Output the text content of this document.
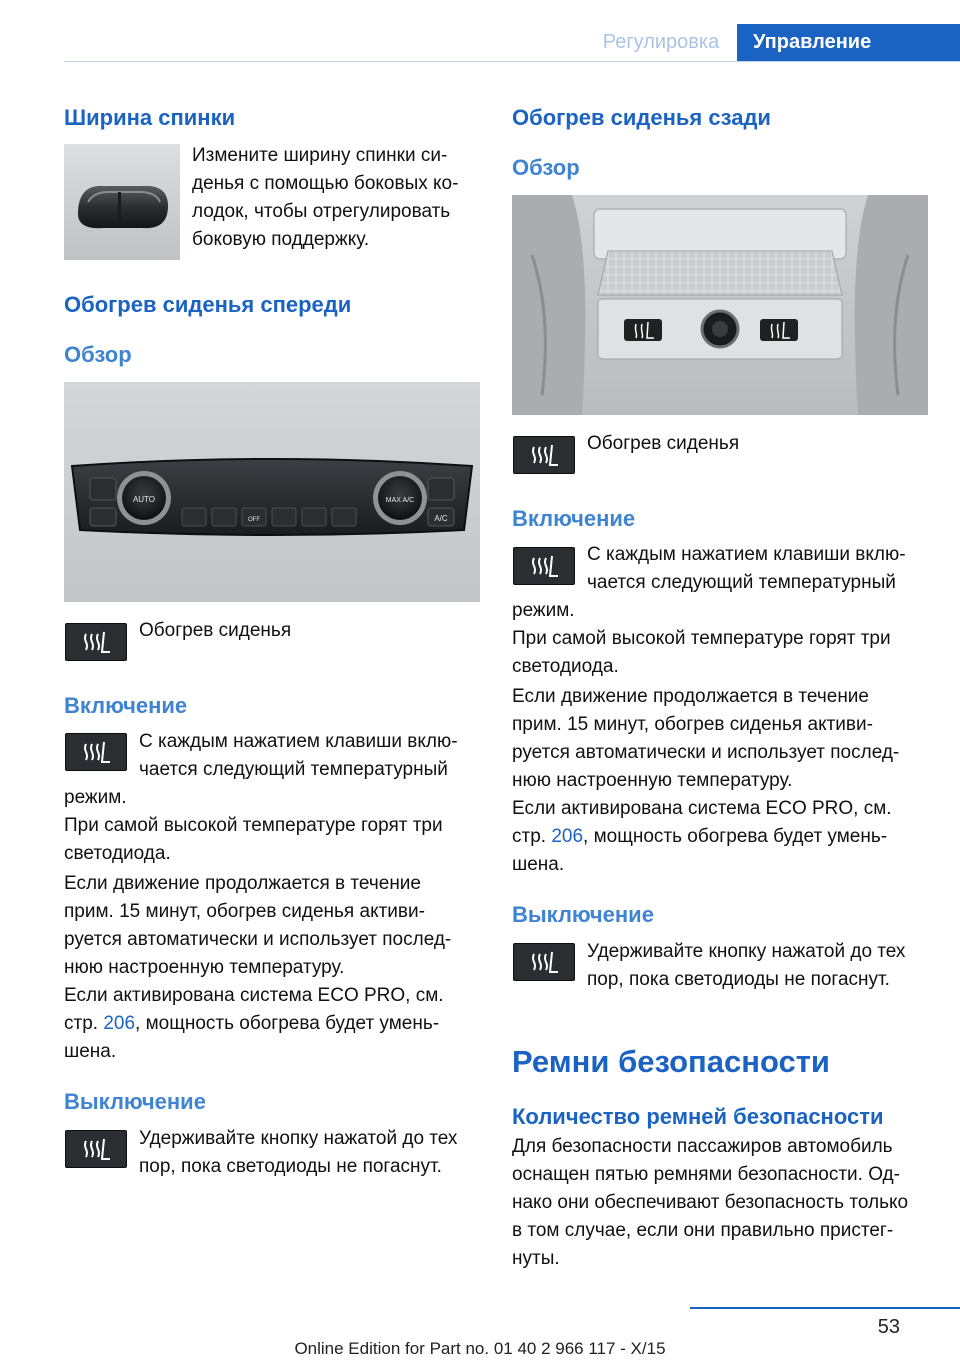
Регулировка	Управление
Ширина спинки

Измените ширину спинки си-
денья с помощью боковых ко-
лодок, чтобы отрегулировать
боковую поддержку.

Обогрев сиденья спереди
Обзор
AUTO	MAX A/C
A/C
OFF

Обогрев сиденья

Включение

С каждым нажатием клавиши вклю-
чается следующий температурный

режим.

При самой высокой температуре горят три
светодиода.

Если движение продолжается в течение
прим. 15 минут, обогрев сиденья активи-
руется автоматически и использует послед-
нюю настроенную температуру.

Если активирована система ECO PRO, см.
стр. 206, мощность обогрева будет умень-
шена.

Выключение

Удерживайте кнопку нажатой до тех
пор, пока светодиоды не погаснут.

Обогрев сиденья сзади
Обзор

Обогрев сиденья

Включение

С каждым нажатием клавиши вклю-
чается следующий температурный

режим.

При самой высокой температуре горят три
светодиода.

Если движение продолжается в течение
прим. 15 минут, обогрев сиденья активи-
руется автоматически и использует послед-
нюю настроенную температуру.

Если активирована система ECO PRO, см.
стр. 206, мощность обогрева будет умень-
шена.

Выключение

Удерживайте кнопку нажатой до тех
пор, пока светодиоды не погаснут.

Ремни безопасности
Количество ремней безопасности

Для безопасности пассажиров автомобиль
оснащен пятью ремнями безопасности. Од-
нако они обеспечивают безопасность только
в том случае, если они правильно пристег-
нуты.

53
Online Edition for Part no. 01 40 2 966 117 - X/15
